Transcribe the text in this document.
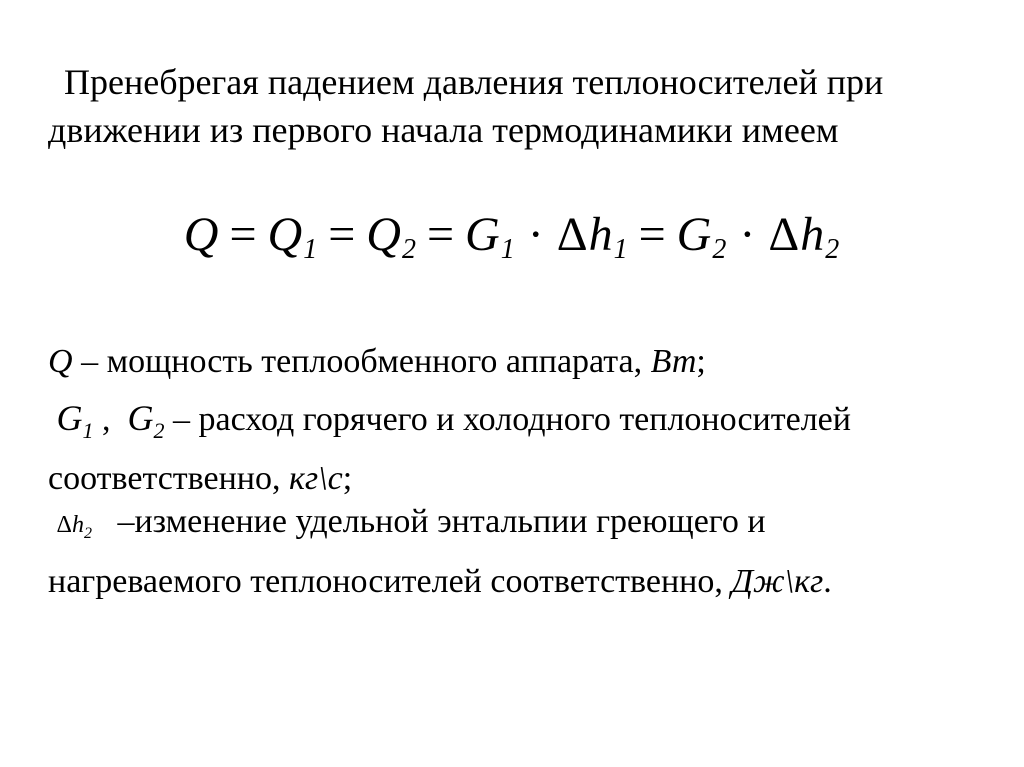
Пренебрегая падением давления теплоносителей при
движении из первого начала термодинамики имеем
$Q = Q_1 = Q_2 = G_1 \cdot \Delta h_1 = G_2 \cdot \Delta h_2$
Q – мощность теплообменного аппарата, Вт;
$G_1$ ,  $G_2$ – расход горячего и холодного теплоносителей
соответственно, кг\с;
$\Delta h_2$   –изменение удельной энтальпии греющего и
нагреваемого теплоносителей соответственно, Дж\кг.
